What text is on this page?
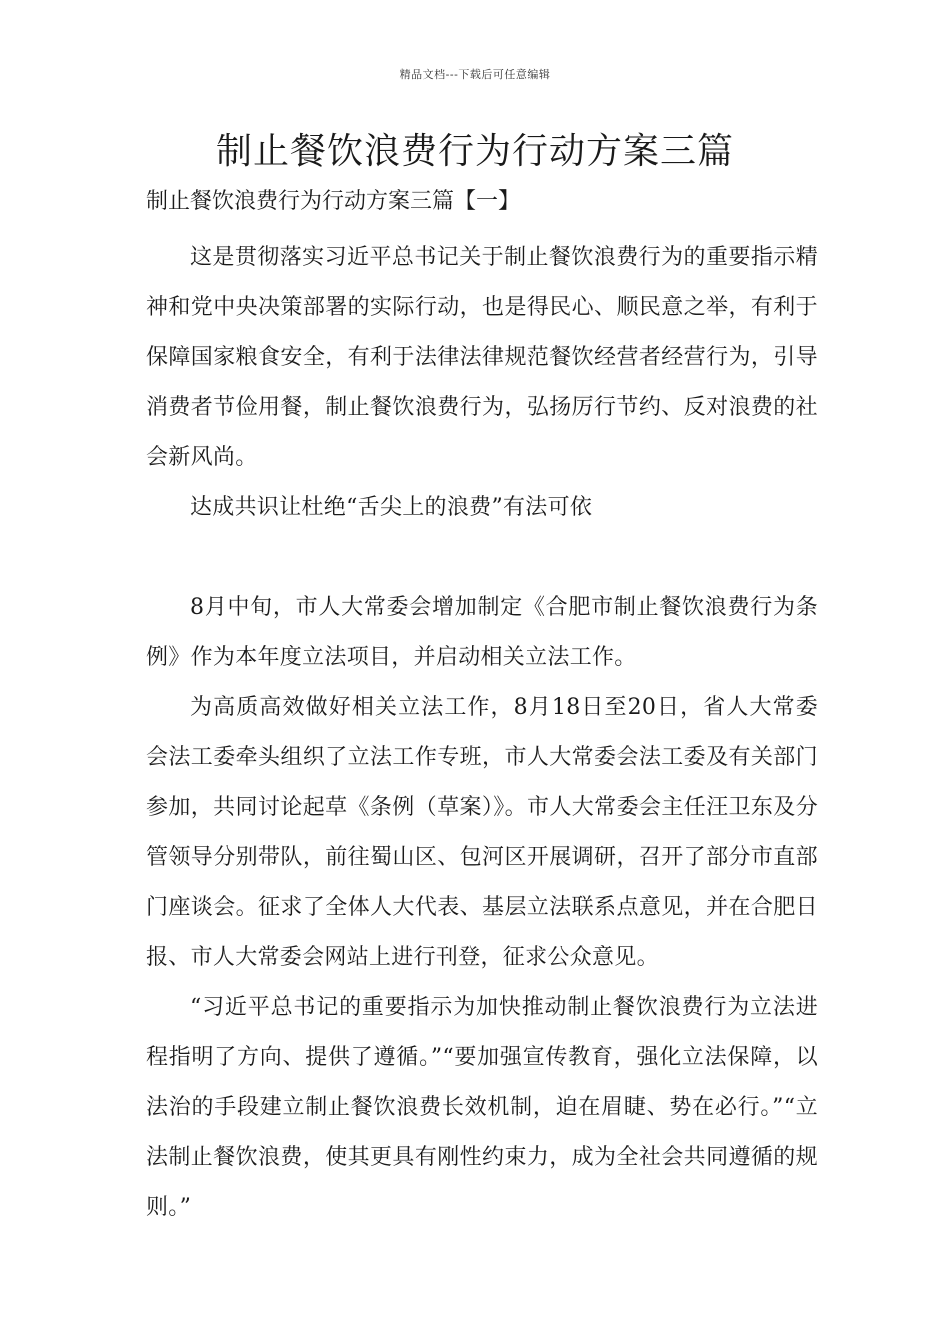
精品文档---下载后可任意编辑
制止餐饮浪费行为行动方案三篇

制止餐饮浪费行为行动方案三篇【一】

这是贯彻落实习近平总书记关于制止餐饮浪费行为的重要指示精神和党中央决策部署的实际行动，也是得民心、顺民意之举，有利于保障国家粮食安全，有利于法律法律规范餐饮经营者经营行为，引导消费者节俭用餐，制止餐饮浪费行为，弘扬厉行节约、反对浪费的社会新风尚。

达成共识让杜绝“舌尖上的浪费”有法可依

8月中旬，市人大常委会增加制定《合肥市制止餐饮浪费行为条例》作为本年度立法项目，并启动相关立法工作。

为高质高效做好相关立法工作，8月18日至20日，省人大常委会法工委牵头组织了立法工作专班，市人大常委会法工委及有关部门参加，共同讨论起草《条例（草案）》。市人大常委会主任汪卫东及分管领导分别带队，前往蜀山区、包河区开展调研，召开了部分市直部门座谈会。征求了全体人大代表、基层立法联系点意见，并在合肥日报、市人大常委会网站上进行刊登，征求公众意见。

“习近平总书记的重要指示为加快推动制止餐饮浪费行为立法进程指明了方向、提供了遵循。”“要加强宣传教育，强化立法保障，以法治的手段建立制止餐饮浪费长效机制，迫在眉睫、势在必行。”“立法制止餐饮浪费，使其更具有刚性约束力，成为全社会共同遵循的规则。”
